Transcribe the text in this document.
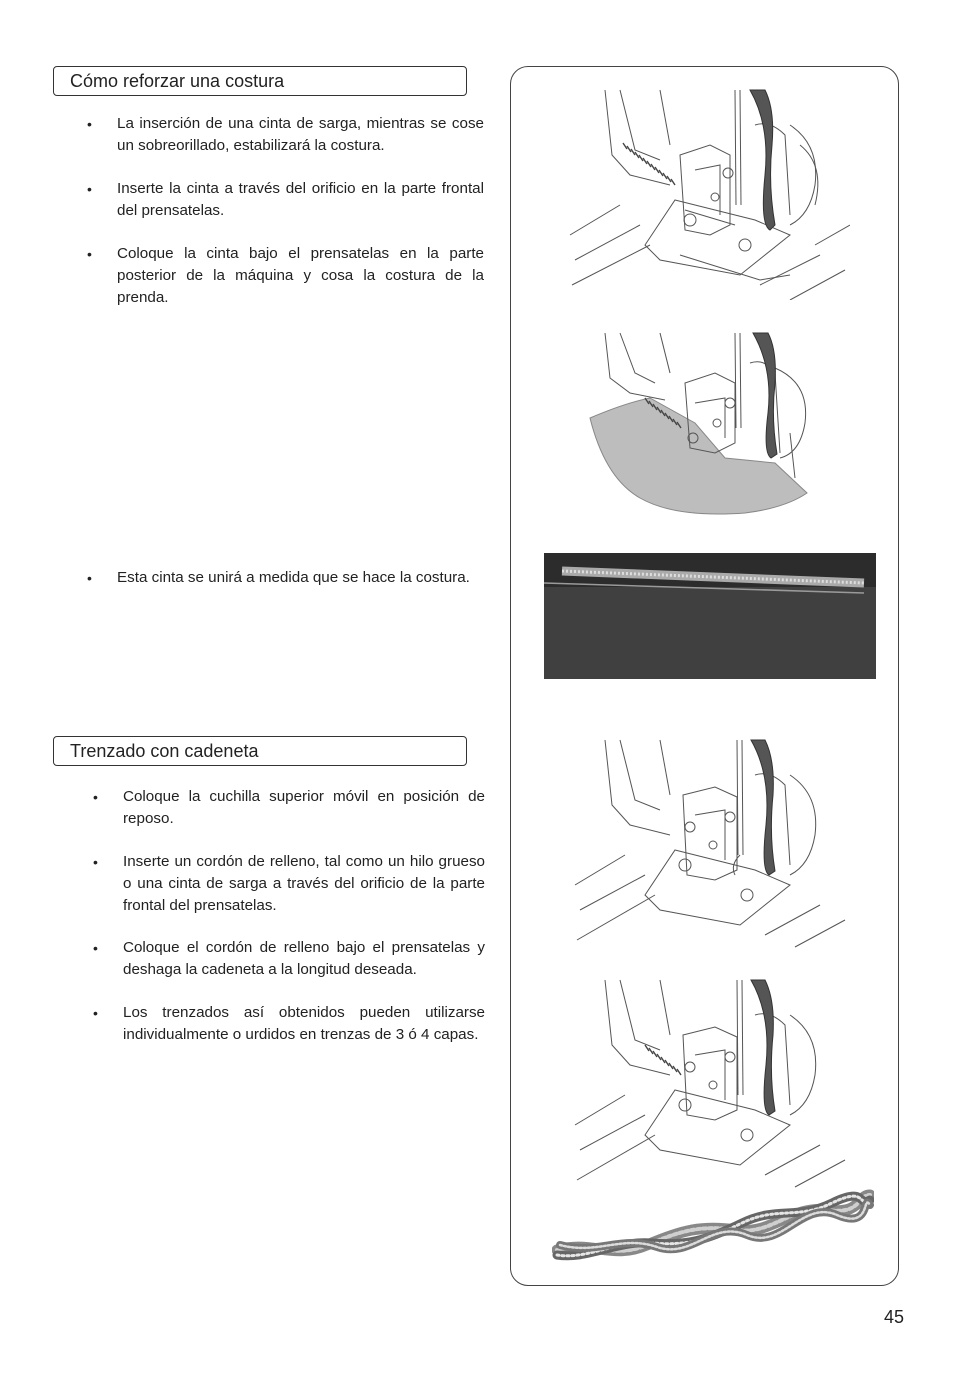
Cómo reforzar una costura
• La inserción de una cinta de sarga, mientras se cose un sobreorillado, estabilizará la costura.
• Inserte la cinta a través del orificio en la parte frontal del prensatelas.
• Coloque la cinta bajo el prensatelas en la parte posterior de la máquina y cosa la costura de la prenda.
• Esta cinta se unirá a medida que se hace la costura.
Trenzado con cadeneta
• Coloque la cuchilla superior móvil en posición de reposo.
• Inserte un cordón de relleno, tal como un hilo grueso o una cinta de sarga a través del orificio de la parte frontal del prensatelas.
• Coloque el cordón de relleno bajo el prensatelas y deshaga la cadeneta a la longitud deseada.
• Los trenzados así obtenidos pueden utilizarse individualmente o urdidos en trenzas de 3 ó 4 capas.
45
